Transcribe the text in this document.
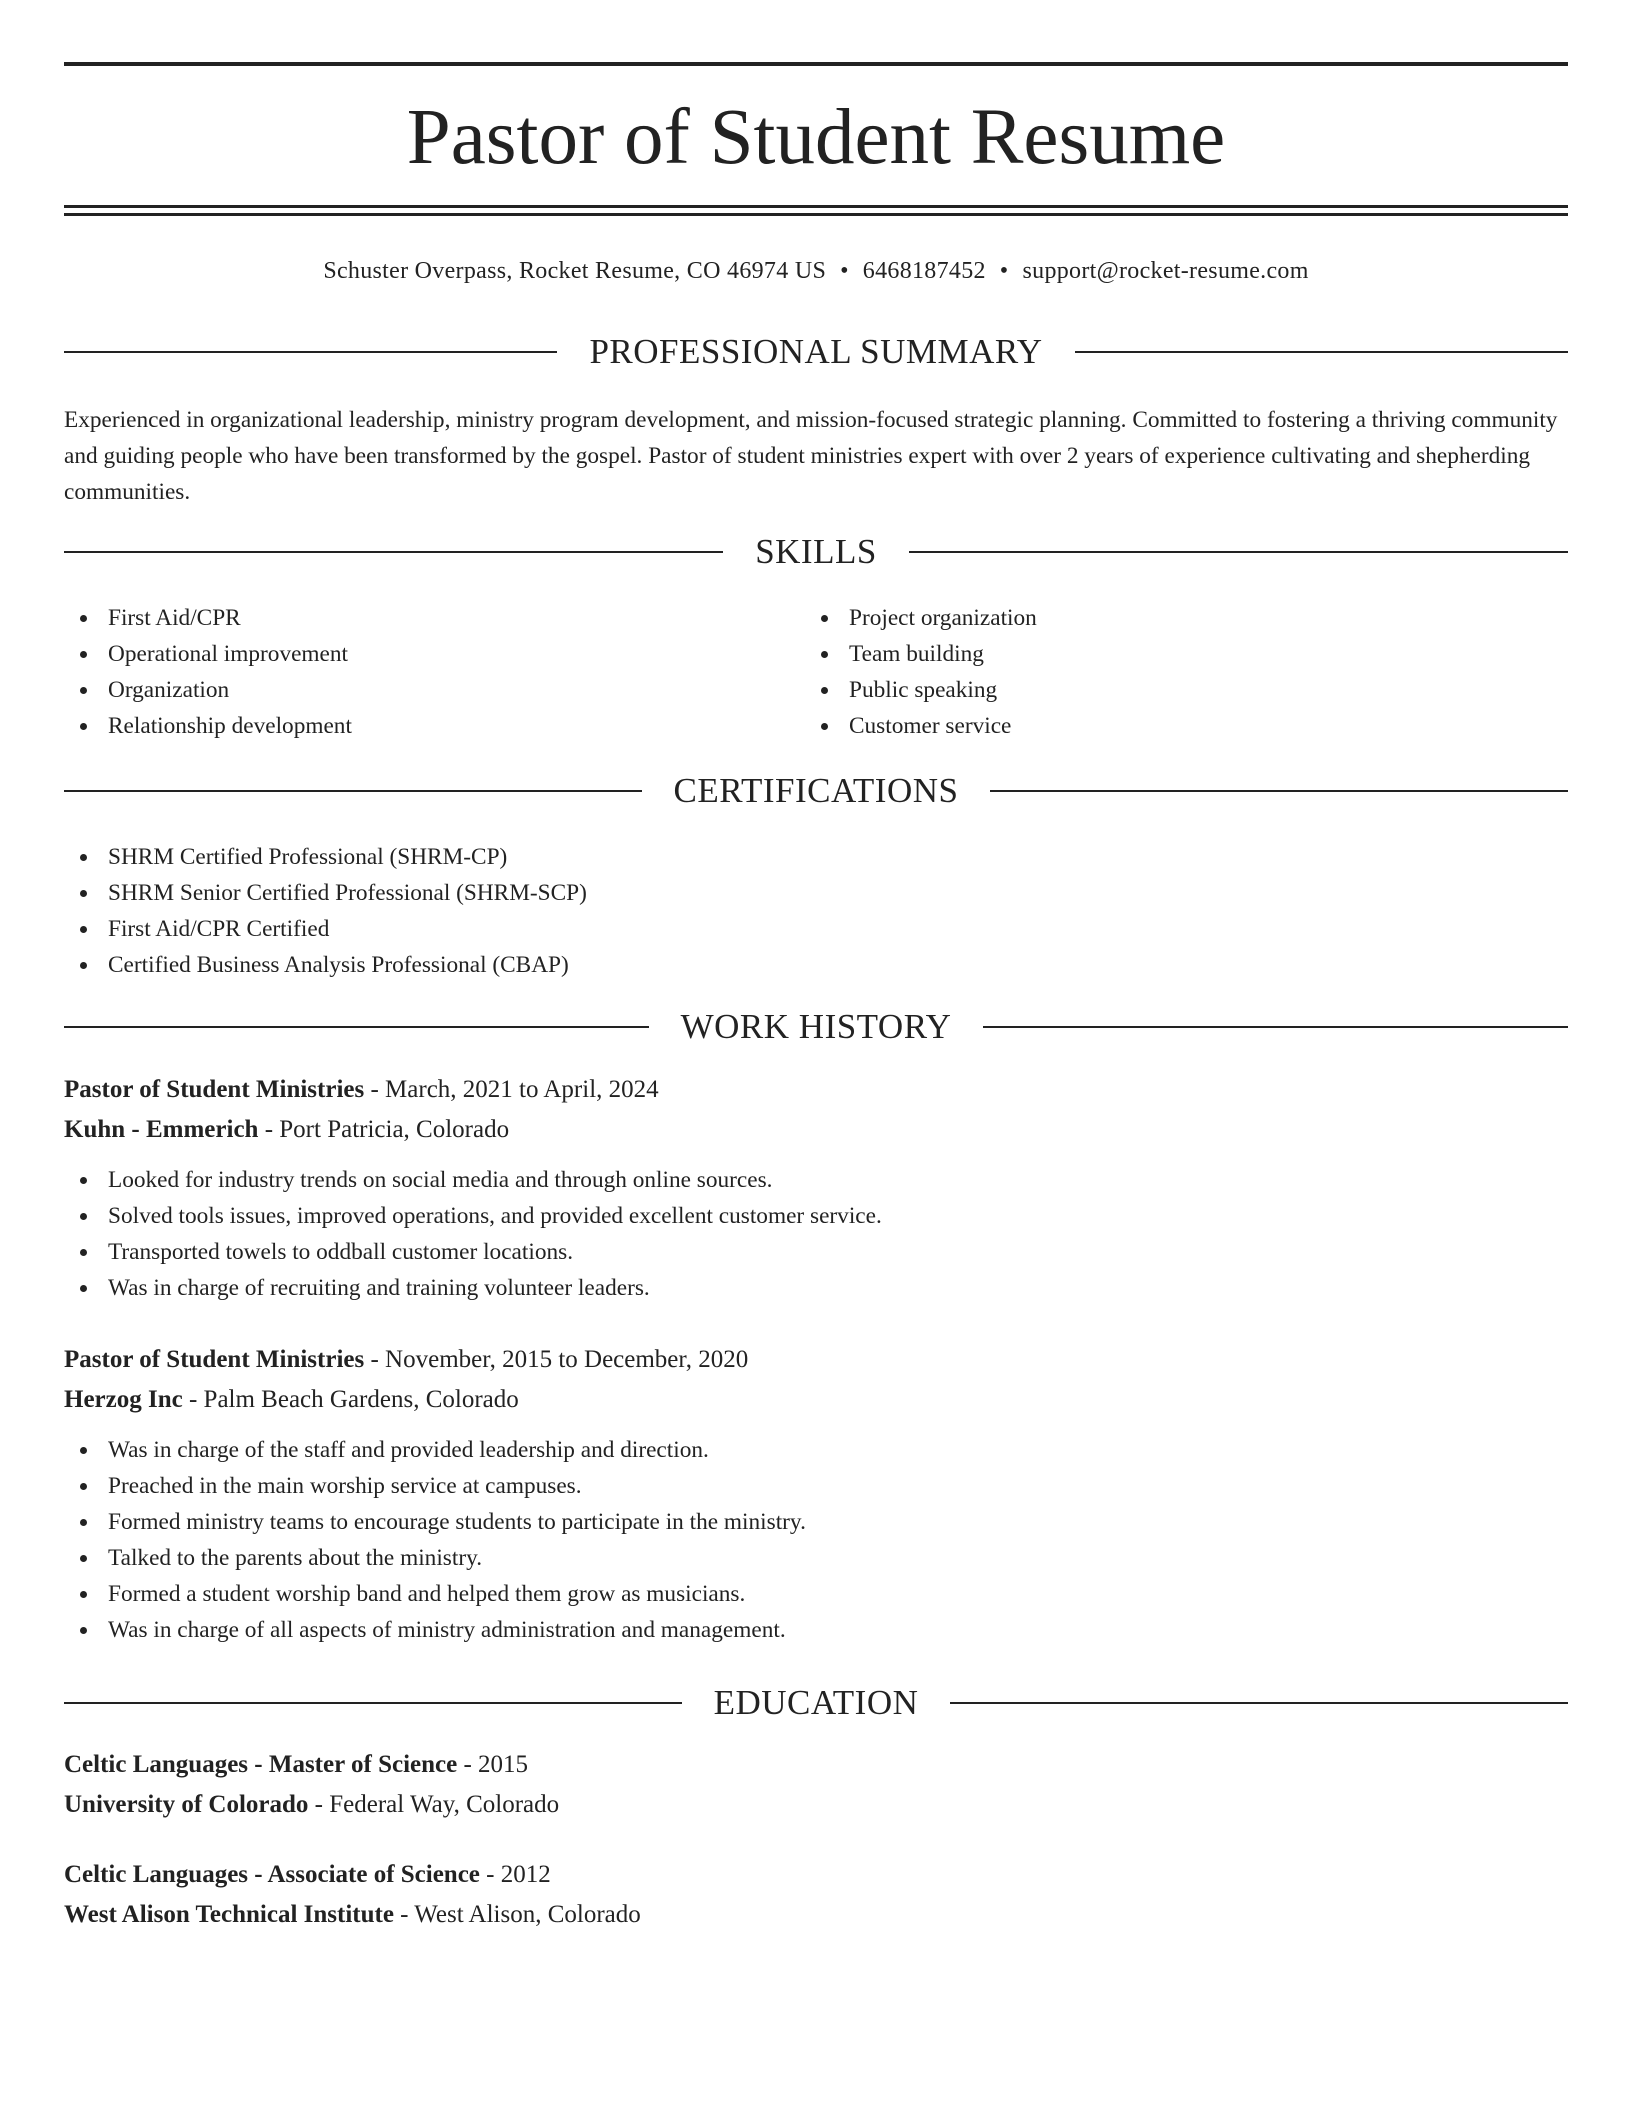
Pastor of Student Resume
Schuster Overpass, Rocket Resume, CO 46974 US • 6468187452 • support@rocket-resume.com
PROFESSIONAL SUMMARY

Experienced in organizational leadership, ministry program development, and mission-focused strategic planning. Committed to fostering a thriving community and guiding people who have been transformed by the gospel. Pastor of student ministries expert with over 2 years of experience cultivating and shepherding communities.

SKILLS
First Aid/CPR
Operational improvement
Organization
Relationship development
Project organization
Team building
Public speaking
Customer service
CERTIFICATIONS
SHRM Certified Professional (SHRM-CP)
SHRM Senior Certified Professional (SHRM-SCP)
First Aid/CPR Certified
Certified Business Analysis Professional (CBAP)
WORK HISTORY
Pastor of Student Ministries - March, 2021 to April, 2024
Kuhn - Emmerich - Port Patricia, Colorado
Looked for industry trends on social media and through online sources.
Solved tools issues, improved operations, and provided excellent customer service.
Transported towels to oddball customer locations.
Was in charge of recruiting and training volunteer leaders.
Pastor of Student Ministries - November, 2015 to December, 2020
Herzog Inc - Palm Beach Gardens, Colorado
Was in charge of the staff and provided leadership and direction.
Preached in the main worship service at campuses.
Formed ministry teams to encourage students to participate in the ministry.
Talked to the parents about the ministry.
Formed a student worship band and helped them grow as musicians.
Was in charge of all aspects of ministry administration and management.
EDUCATION
Celtic Languages - Master of Science - 2015
University of Colorado - Federal Way, Colorado
Celtic Languages - Associate of Science - 2012
West Alison Technical Institute - West Alison, Colorado
